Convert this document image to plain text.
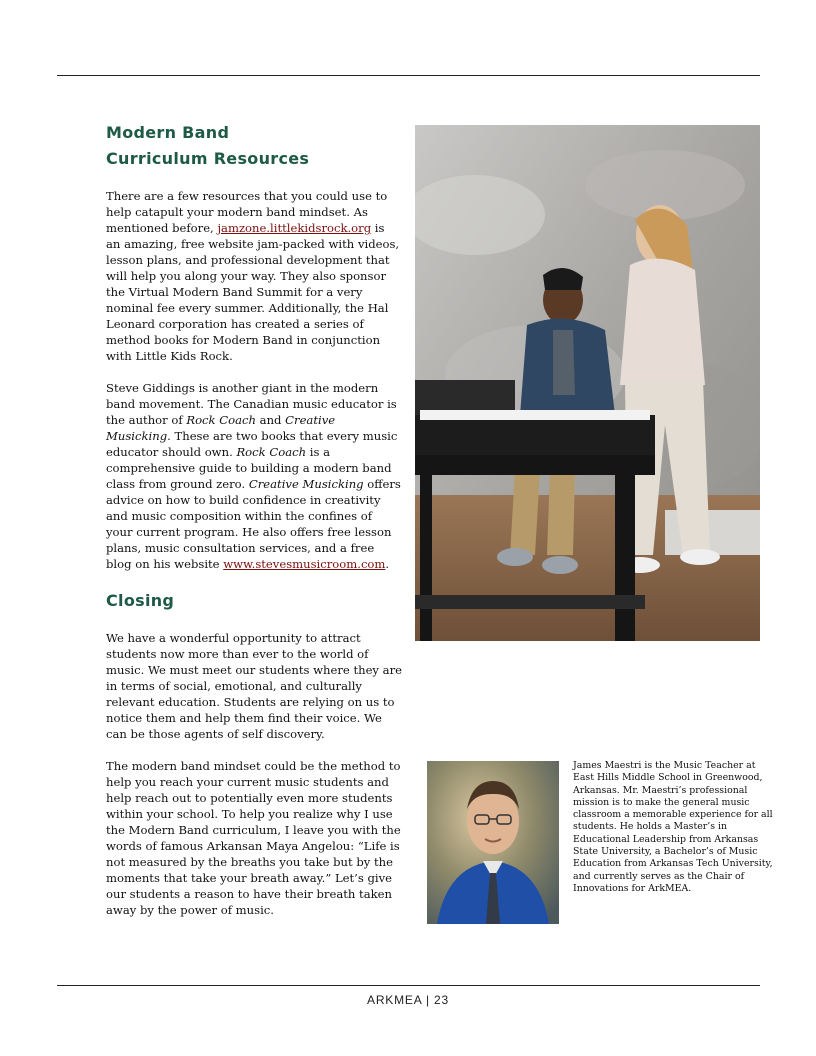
Modern Band
Curriculum Resources

There are a few resources that you could use to help catapult your modern band mindset. As mentioned before, jamzone.littlekidsrock.org is an amazing, free website jam-packed with videos, lesson plans, and professional development that will help you along your way. They also sponsor the Virtual Modern Band Summit for a very nominal fee every summer. Additionally, the Hal Leonard corporation has created a series of method books for Modern Band in conjunction with Little Kids Rock.

Steve Giddings is another giant in the modern band movement. The Canadian music educator is the author of Rock Coach and Creative Musicking. These are two books that every music educator should own. Rock Coach is a comprehensive guide to building a modern band class from ground zero. Creative Musicking offers advice on how to build confidence in creativity and music composition within the confines of your current program. He also offers free lesson plans, music consultation services, and a free blog on his website www.stevesmusicroom.com.

Closing

We have a wonderful opportunity to attract students now more than ever to the world of music. We must meet our students where they are in terms of social, emotional, and culturally relevant education. Students are relying on us to notice them and help them find their voice. We can be those agents of self discovery.

The modern band mindset could be the method to help you reach your current music students and help reach out to potentially even more students within your school. To help you realize why I use the Modern Band curriculum, I leave you with the words of famous Arkansan Maya Angelou: “Life is not measured by the breaths you take but by the moments that take your breath away.” Let’s give our students a reason to have their breath taken away by the power of music.

James Maestri is the Music Teacher at East Hills Middle School in Greenwood, Arkansas. Mr. Maestri’s professional mission is to make the general music classroom a memorable experience for all students. He holds a Master’s in Educational Leadership from Arkansas State University, a Bachelor’s of Music Education from Arkansas Tech University, and currently serves as the Chair of Innovations for ArkMEA.
ARKMEA | 23
